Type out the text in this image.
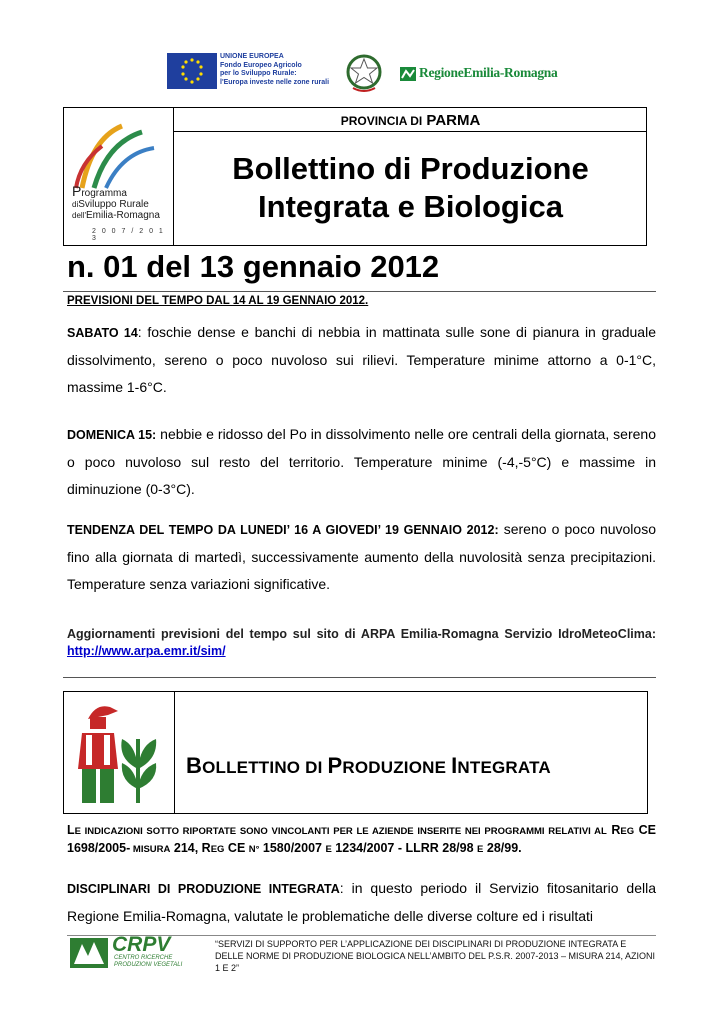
UNIONE EUROPEA
Fondo Europeo Agricolo
per lo Sviluppo Rurale:
l'Europa investe nelle zone rurali
RegioneEmilia-Romagna
Programma
diSviluppo Rurale
dell'Emilia-Romagna
2 0 0 7 / 2 0 1 3
PROVINCIA DI PARMA
Bollettino di Produzione
Integrata e Biologica
n. 01 del 13 gennaio 2012
PREVISIONI DEL TEMPO DAL 14 AL 19 GENNAIO 2012.
SABATO 14: foschie dense e banchi di nebbia in mattinata sulle sone di pianura in graduale dissolvimento, sereno o poco nuvoloso sui rilievi. Temperature minime attorno a 0-1°C, massime 1-6°C.
DOMENICA 15: nebbie e ridosso del Po in dissolvimento nelle ore centrali della giornata, sereno o poco nuvoloso sul resto del territorio. Temperature minime (-4,-5°C) e massime in diminuzione (0-3°C).
TENDENZA DEL TEMPO DA LUNEDI’ 16 A GIOVEDI’ 19 GENNAIO 2012: sereno o poco nuvoloso fino alla giornata di martedì, successivamente aumento della nuvolosità senza precipitazioni. Temperature senza variazioni significative.
Aggiornamenti previsioni del tempo sul sito di ARPA Emilia-Romagna Servizio IdroMeteoClima: http://www.arpa.emr.it/sim/
BOLLETTINO DI PRODUZIONE INTEGRATA
LE INDICAZIONI SOTTO RIPORTATE SONO VINCOLANTI PER LE AZIENDE INSERITE NEI PROGRAMMI RELATIVI AL REG CE 1698/2005- MISURA 214, REG CE N° 1580/2007 E 1234/2007 - LLRR 28/98 E 28/99.
DISCIPLINARI DI PRODUZIONE INTEGRATA: in questo periodo il Servizio fitosanitario della Regione Emilia-Romagna, valutate le problematiche delle diverse colture ed i risultati
CRPV
CENTRO RICERCHE
PRODUZIONI VEGETALI
“SERVIZI DI SUPPORTO PER L’APPLICAZIONE DEI DISCIPLINARI DI PRODUZIONE INTEGRATA E DELLE NORME DI PRODUZIONE BIOLOGICA NELL’AMBITO DEL P.S.R. 2007-2013 – MISURA 214, AZIONI 1 E 2”
